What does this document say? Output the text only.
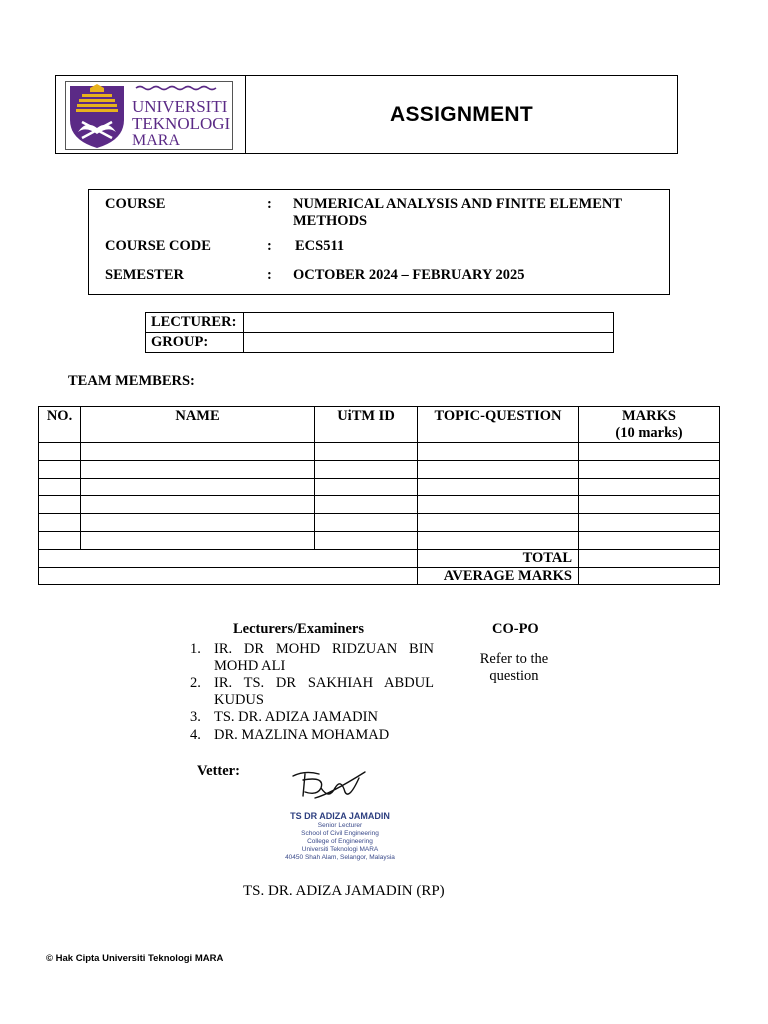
UNIVERSITI
TEKNOLOGI
MARA
ASSIGNMENT
COURSE	: NUMERICAL ANALYSIS AND FINITE ELEMENT METHODS
COURSE CODE	: ECS511
SEMESTER	: OCTOBER 2024 – FEBRUARY 2025
LECTURER:	
GROUP:	
TEAM MEMBERS:
NO.	NAME	UiTM ID	TOPIC-QUESTION	MARKS
(10 marks)

			TOTAL	
			AVERAGE MARKS	
Lecturers/Examiners
1. IR. DR MOHD RIDZUAN BIN MOHD ALI
2. IR. TS. DR SAKHIAH ABDUL KUDUS
3. TS. DR. ADIZA JAMADIN
4. DR. MAZLINA MOHAMAD
CO-PO
Refer to the question
Vetter:
TS DR ADIZA JAMADIN
Senior Lecturer
School of Civil Engineering
College of Engineering
Universiti Teknologi MARA
40450 Shah Alam, Selangor, Malaysia
TS. DR. ADIZA JAMADIN (RP)
© Hak Cipta Universiti Teknologi MARA
